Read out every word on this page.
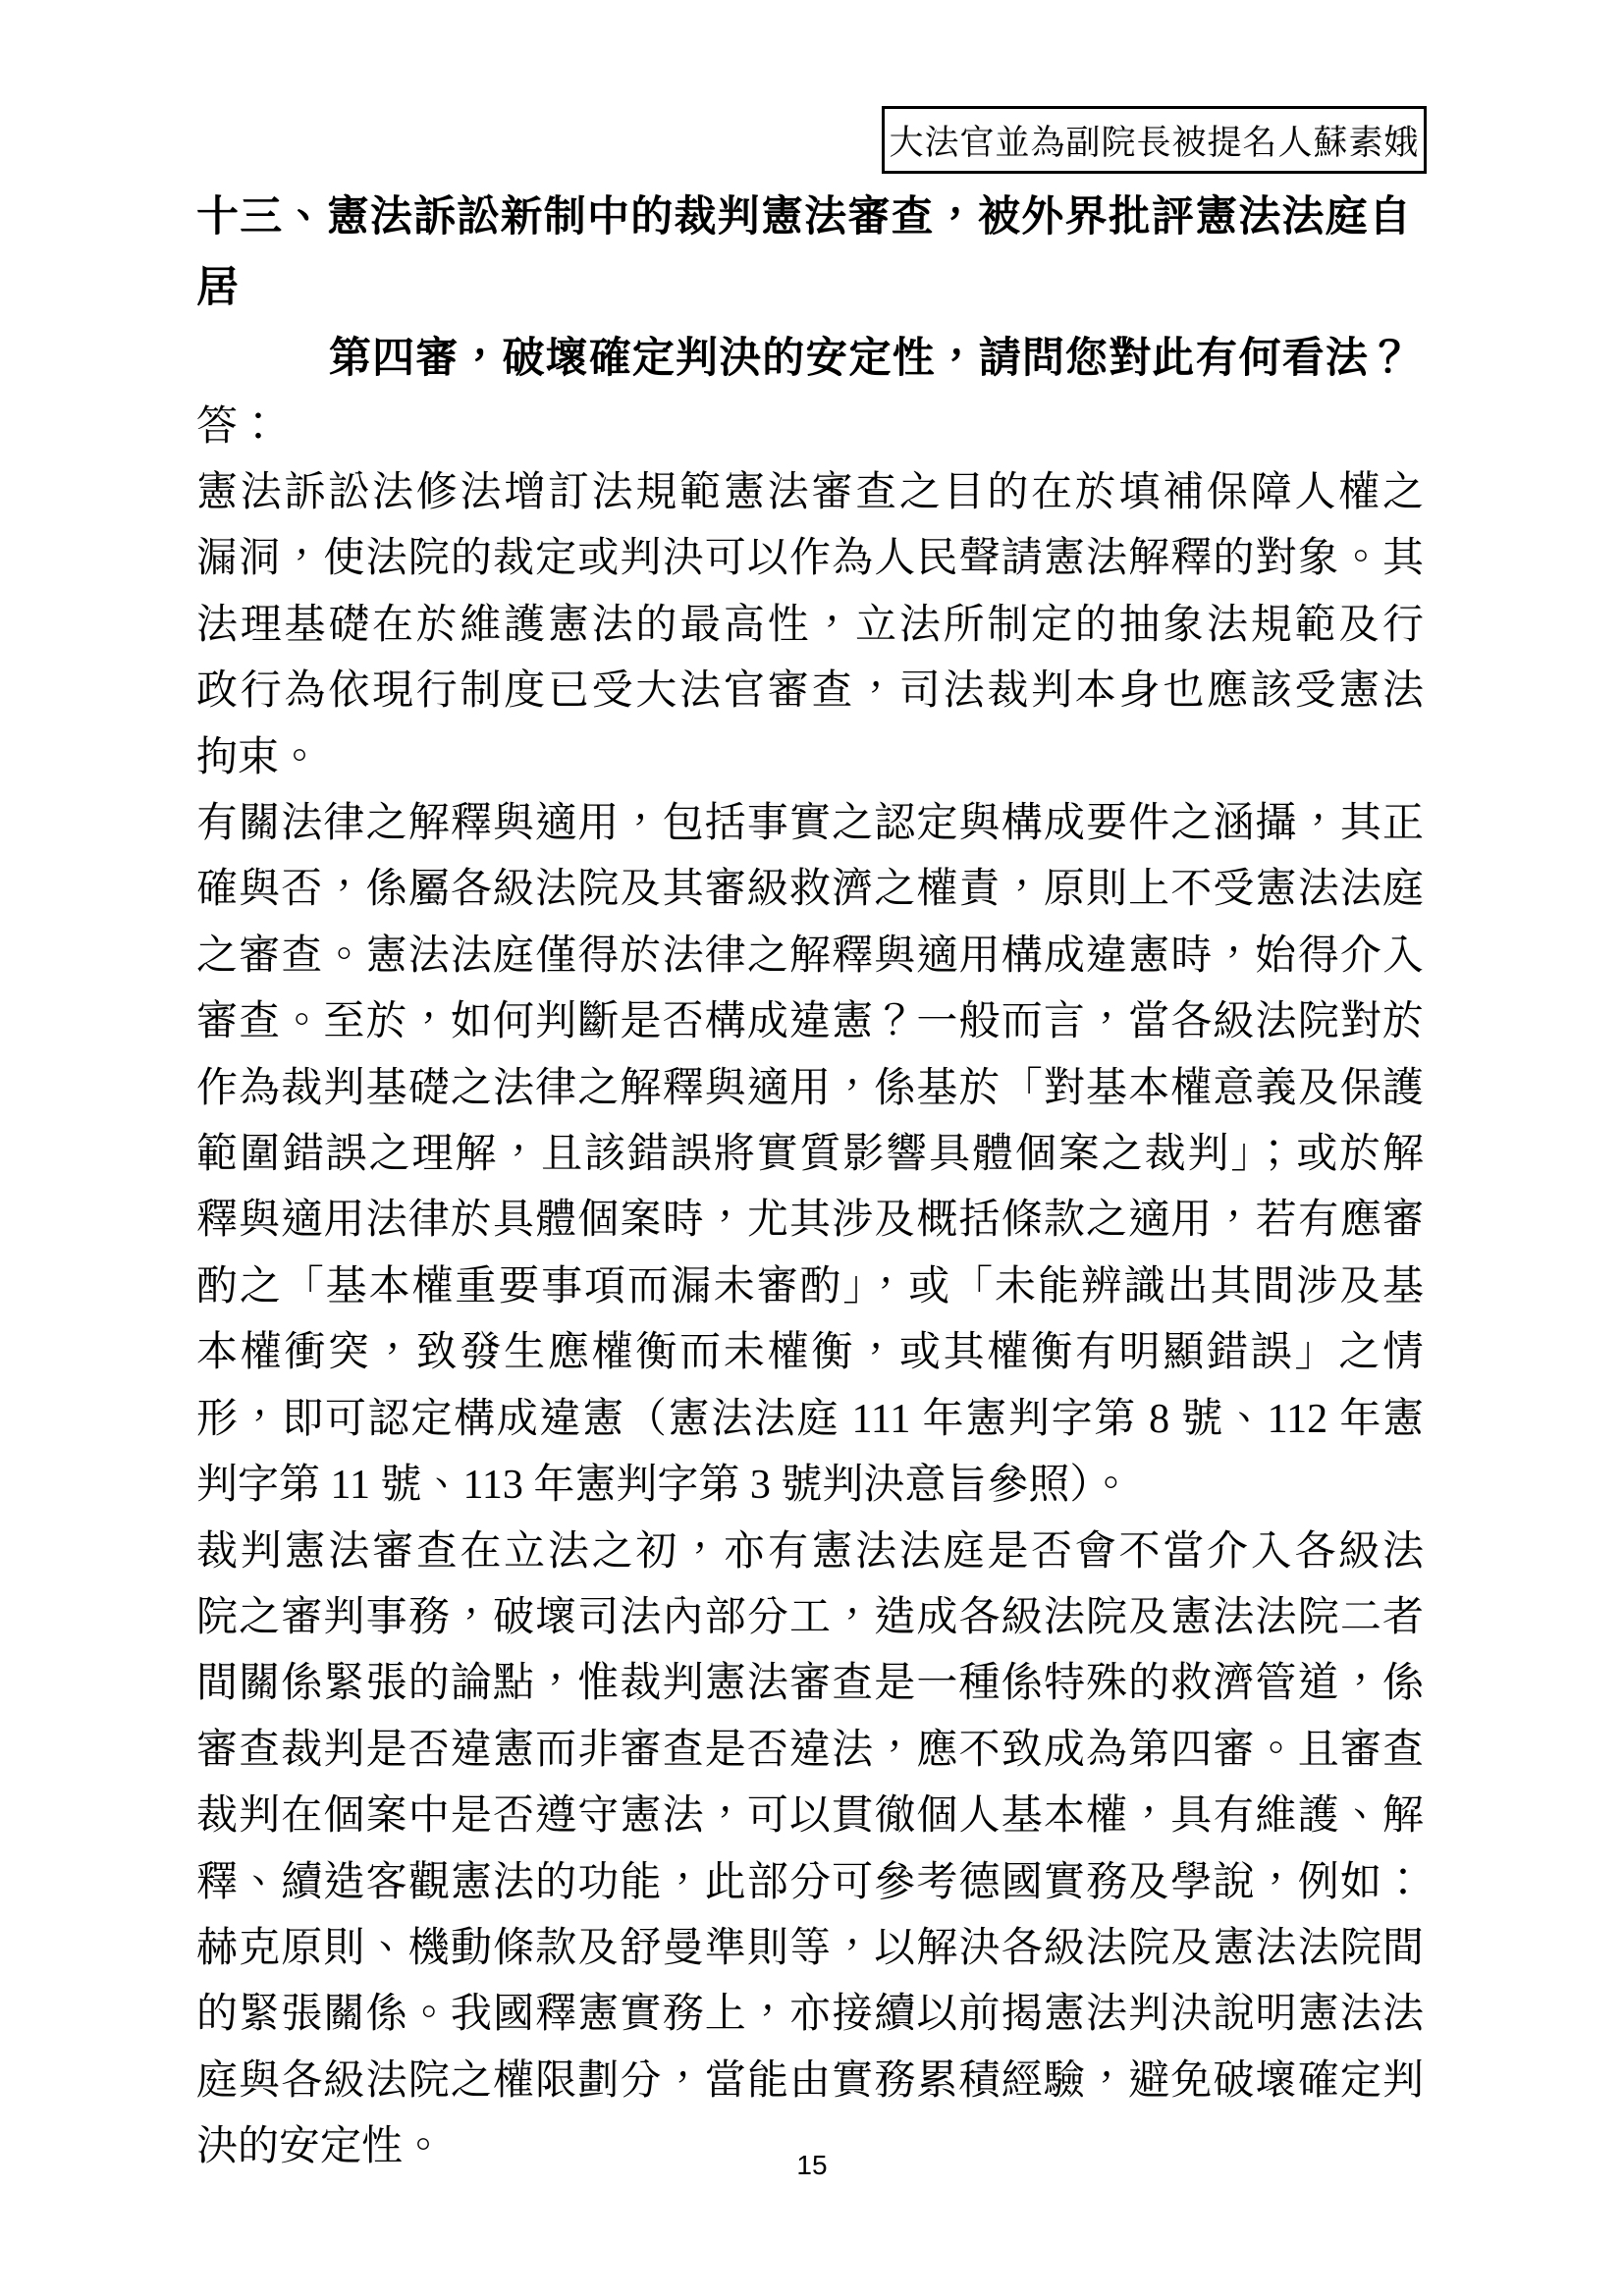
大法官並為副院長被提名人蘇素娥
十三、憲法訴訟新制中的裁判憲法審查，被外界批評憲法法庭自居
第四審，破壞確定判決的安定性，請問您對此有何看法？
答：
憲法訴訟法修法增訂法規範憲法審查之目的在於填補保障人權之
漏洞，使法院的裁定或判決可以作為人民聲請憲法解釋的對象。其
法理基礎在於維護憲法的最高性，立法所制定的抽象法規範及行
政行為依現行制度已受大法官審查，司法裁判本身也應該受憲法
拘束。
有關法律之解釋與適用，包括事實之認定與構成要件之涵攝，其正
確與否，係屬各級法院及其審級救濟之權責，原則上不受憲法法庭
之審查。憲法法庭僅得於法律之解釋與適用構成違憲時，始得介入
審查。至於，如何判斷是否構成違憲？一般而言，當各級法院對於
作為裁判基礎之法律之解釋與適用，係基於「對基本權意義及保護
範圍錯誤之理解，且該錯誤將實質影響具體個案之裁判」；或於解
釋與適用法律於具體個案時，尤其涉及概括條款之適用，若有應審
酌之「基本權重要事項而漏未審酌」，或「未能辨識出其間涉及基
本權衝突，致發生應權衡而未權衡，或其權衡有明顯錯誤」之情
形，即可認定構成違憲（憲法法庭 111 年憲判字第 8 號、112 年憲
判字第 11 號、113 年憲判字第 3 號判決意旨參照）。
裁判憲法審查在立法之初，亦有憲法法庭是否會不當介入各級法
院之審判事務，破壞司法內部分工，造成各級法院及憲法法院二者
間關係緊張的論點，惟裁判憲法審查是一種係特殊的救濟管道，係
審查裁判是否違憲而非審查是否違法，應不致成為第四審。且審查
裁判在個案中是否遵守憲法，可以貫徹個人基本權，具有維護、解
釋、續造客觀憲法的功能，此部分可參考德國實務及學說，例如：
赫克原則、機動條款及舒曼準則等，以解決各級法院及憲法法院間
的緊張關係。我國釋憲實務上，亦接續以前揭憲法判決說明憲法法
庭與各級法院之權限劃分，當能由實務累積經驗，避免破壞確定判
決的安定性。	15
